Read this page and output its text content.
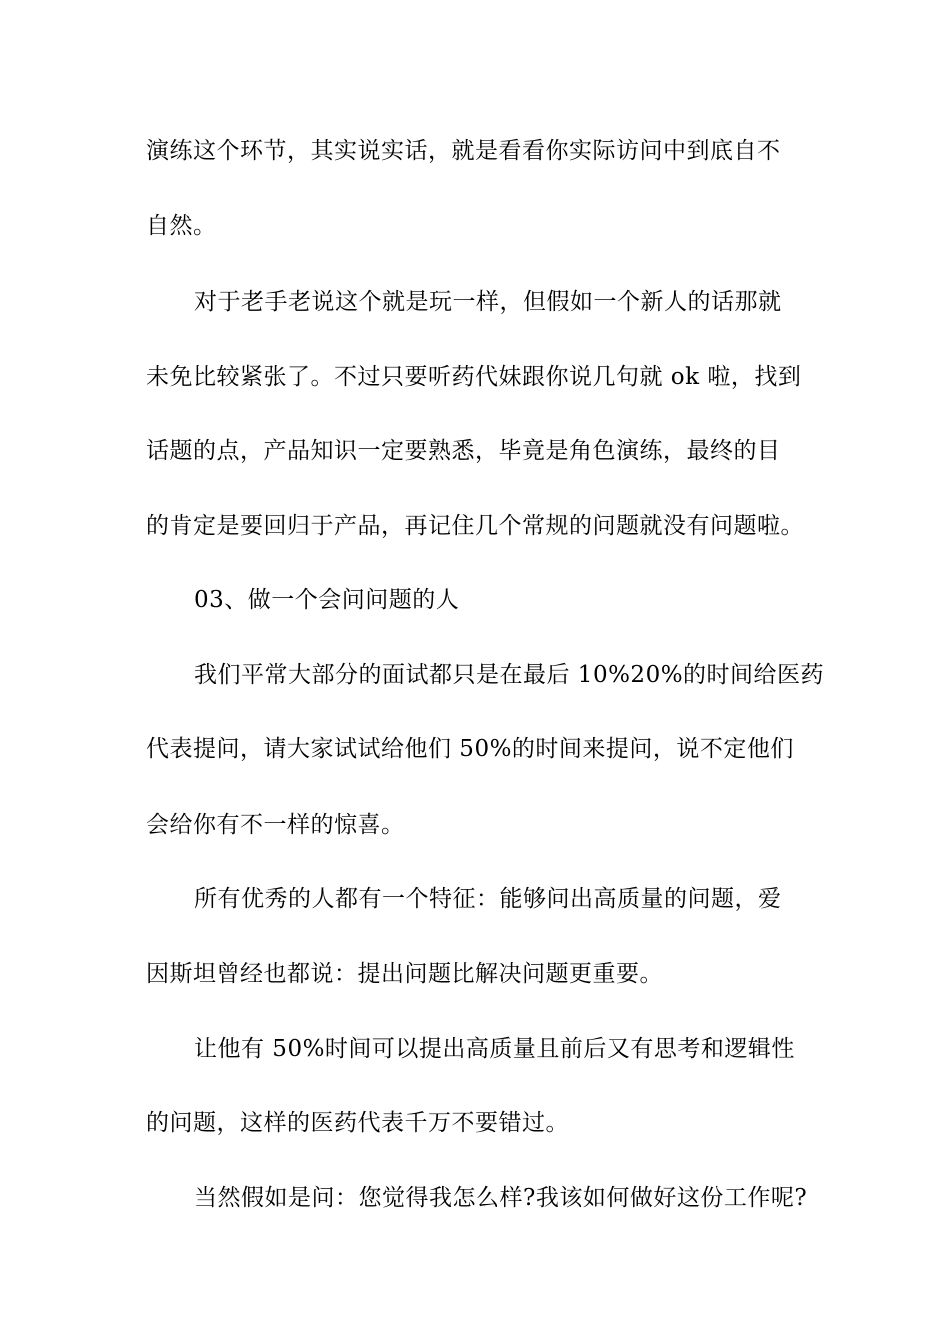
演练这个环节，其实说实话，就是看看你实际访问中到底自不
自然。
对于老手老说这个就是玩一样，但假如一个新人的话那就
未免比较紧张了。不过只要听药代妹跟你说几句就 ok 啦，找到
话题的点，产品知识一定要熟悉，毕竟是角色演练，最终的目
的肯定是要回归于产品，再记住几个常规的问题就没有问题啦。
03、做一个会问问题的人
我们平常大部分的面试都只是在最后 10%20%的时间给医药
代表提问，请大家试试给他们 50%的时间来提问，说不定他们
会给你有不一样的惊喜。
所有优秀的人都有一个特征：能够问出高质量的问题，爱
因斯坦曾经也都说：提出问题比解决问题更重要。
让他有 50%时间可以提出高质量且前后又有思考和逻辑性
的问题，这样的医药代表千万不要错过。
当然假如是问：您觉得我怎么样?我该如何做好这份工作呢?
